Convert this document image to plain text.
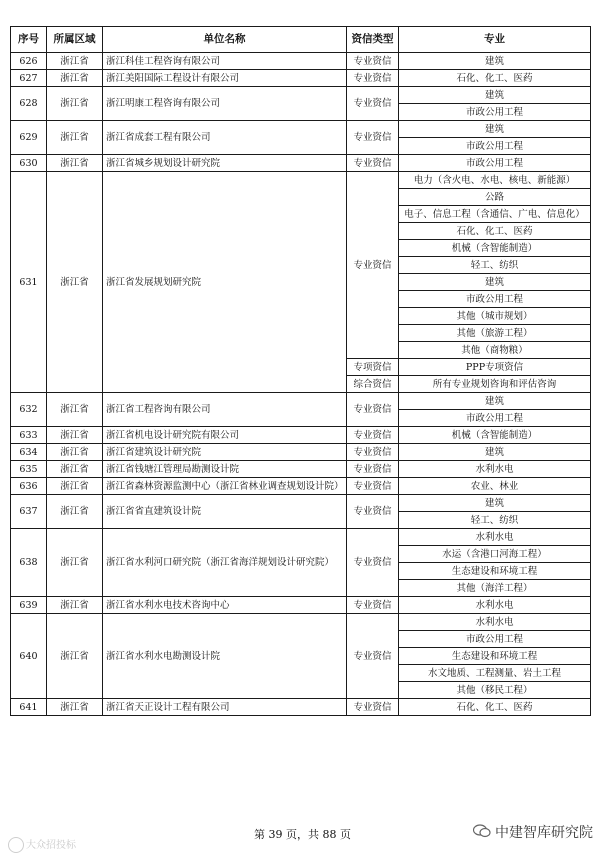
序号	所属区域	单位名称	资信类型	专业
626	浙江省	浙江科佳工程咨询有限公司	专业资信	建筑
627	浙江省	浙江美阳国际工程设计有限公司	专业资信	石化、化工、医药
628	浙江省	浙江明康工程咨询有限公司	专业资信	建筑
				市政公用工程
629	浙江省	浙江省成套工程有限公司	专业资信	建筑
				市政公用工程
630	浙江省	浙江省城乡规划设计研究院	专业资信	市政公用工程
631	浙江省	浙江省发展规划研究院	专业资信	电力（含火电、水电、核电、新能源）
				公路
				电子、信息工程（含通信、广电、信息化）
				石化、化工、医药
				机械（含智能制造）
				轻工、纺织
				建筑
				市政公用工程
				其他（城市规划）
				其他（旅游工程）
				其他（商物粮）
			专项资信	PPP专项资信
			综合资信	所有专业规划咨询和评估咨询
632	浙江省	浙江省工程咨询有限公司	专业资信	建筑
				市政公用工程
633	浙江省	浙江省机电设计研究院有限公司	专业资信	机械（含智能制造）
634	浙江省	浙江省建筑设计研究院	专业资信	建筑
635	浙江省	浙江省钱塘江管理局勘测设计院	专业资信	水利水电
636	浙江省	浙江省森林资源监测中心（浙江省林业调查规划设计院）	专业资信	农业、林业
637	浙江省	浙江省省直建筑设计院	专业资信	建筑
				轻工、纺织
638	浙江省	浙江省水利河口研究院（浙江省海洋规划设计研究院）	专业资信	水利水电
				水运（含港口河海工程）
				生态建设和环境工程
				其他（海洋工程）
639	浙江省	浙江省水利水电技术咨询中心	专业资信	水利水电
640	浙江省	浙江省水利水电勘测设计院	专业资信	水利水电
				市政公用工程
				生态建设和环境工程
				水文地质、工程测量、岩土工程
				其他（移民工程）
641	浙江省	浙江省天正设计工程有限公司	专业资信	石化、化工、医药
第 39 页，共 88 页
大众招投标
中建智库研究院
